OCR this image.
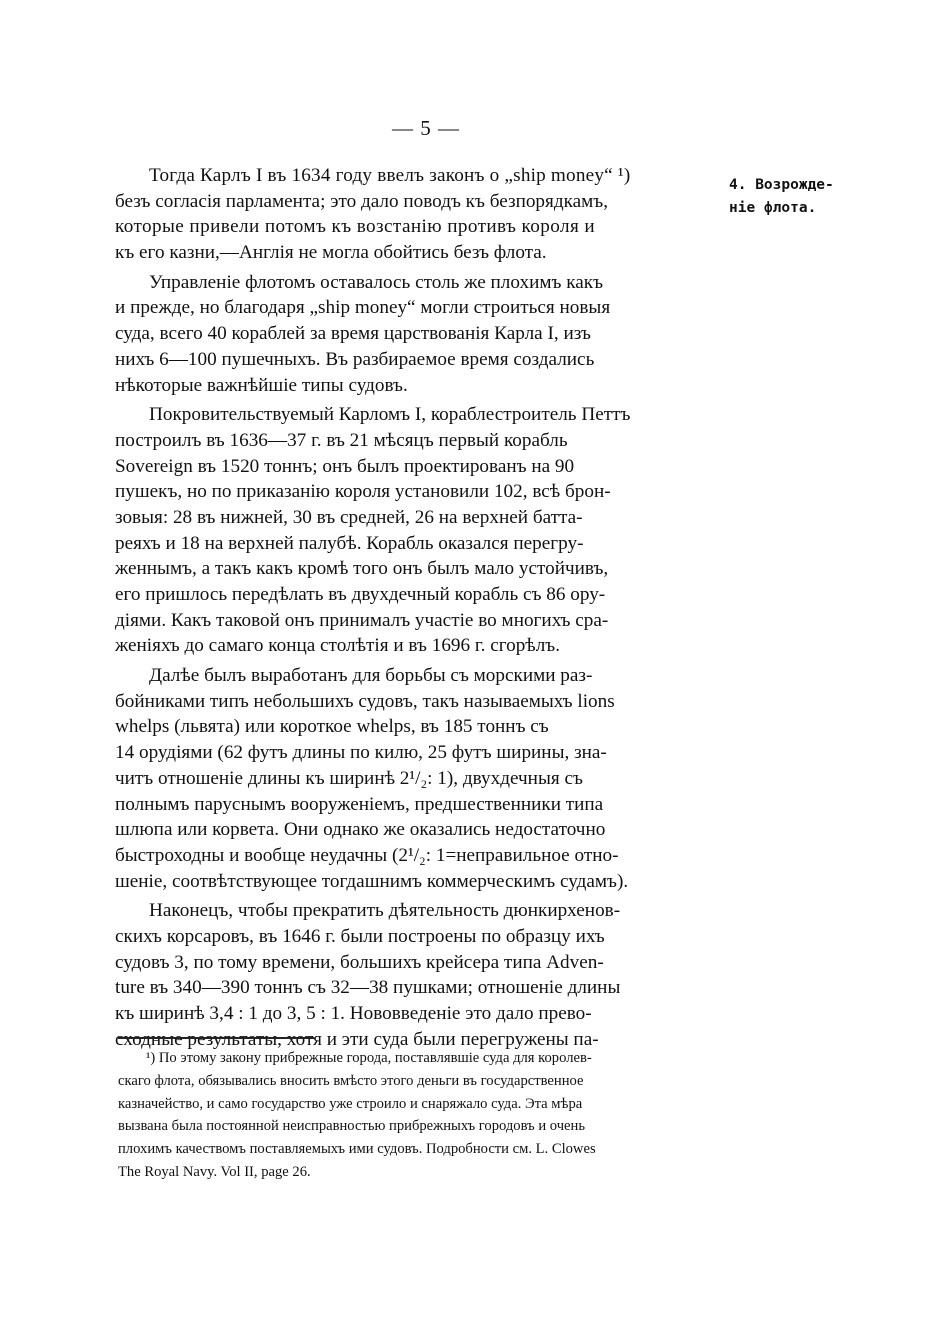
— 5 —
4. Возрожде-
ніе флота.
Тогда Карлъ I въ 1634 году ввелъ законъ о „ship money“ ¹)
безъ согласія парламента; это дало поводъ къ безпорядкамъ,
которые привели потомъ къ возстанію противъ короля и
къ его казни,—Англія не могла обойтись безъ флота.
Управленіе флотомъ оставалось столь же плохимъ какъ
и прежде, но благодаря „ship money“ могли строиться новыя
суда, всего 40 кораблей за время царствованія Карла I, изъ
нихъ 6—100 пушечныхъ. Въ разбираемое время создались
нѣкоторые важнѣйшіе типы судовъ.
Покровительствуемый Карломъ I, кораблестроитель Петтъ
построилъ въ 1636—37 г. въ 21 мѣсяцъ первый корабль
Sovereign въ 1520 тоннъ; онъ былъ проектированъ на 90
пушекъ, но по приказанію короля установили 102, всѣ брон-
зовыя: 28 въ нижней, 30 въ средней, 26 на верхней батта-
реяхъ и 18 на верхней палубѣ. Корабль оказался перегру-
женнымъ, а такъ какъ кромѣ того онъ былъ мало устойчивъ,
его пришлось передѣлать въ двухдечный корабль съ 86 ору-
діями. Какъ таковой онъ принималъ участіе во многихъ сра-
женіяхъ до самаго конца столѣтія и въ 1696 г. сгорѣлъ.
Далѣе былъ выработанъ для борьбы съ морскими раз-
бойниками типъ небольшихъ судовъ, такъ называемыхъ lions
whelps (львята) или короткое whelps, въ 185 тоннъ съ
14 орудіями (62 футъ длины по килю, 25 футъ ширины, зна-
читъ отношеніе длины къ ширинѣ 2¹/₂: 1), двухдечныя съ
полнымъ паруснымъ вооруженіемъ, предшественники типа
шлюпа или корвета. Они однако же оказались недостаточно
быстроходны и вообще неудачны (2¹/₂: 1=неправильное отно-
шеніе, соотвѣтствующее тогдашнимъ коммерческимъ судамъ).
Наконецъ, чтобы прекратить дѣятельность дюнкирхенов-
скихъ корсаровъ, въ 1646 г. были построены по образцу ихъ
судовъ 3, по тому времени, большихъ крейсера типа Adven-
ture въ 340—390 тоннъ съ 32—38 пушками; отношеніе длины
къ ширинѣ 3,4 : 1 до 3, 5 : 1. Нововведеніе это дало прево-
сходные результаты, хотя и эти суда были перегружены па-
¹) По этому закону прибрежные города, поставлявшіе суда для королев-
скаго флота, обязывались вносить вмѣсто этого деньги въ государственное
казначейство, и само государство уже строило и снаряжало суда. Эта мѣра
вызвана была постоянной неисправностью прибрежныхъ городовъ и очень
плохимъ качествомъ поставляемыхъ ими судовъ. Подробности см. L. Clowes
The Royal Navy. Vol II, page 26.
